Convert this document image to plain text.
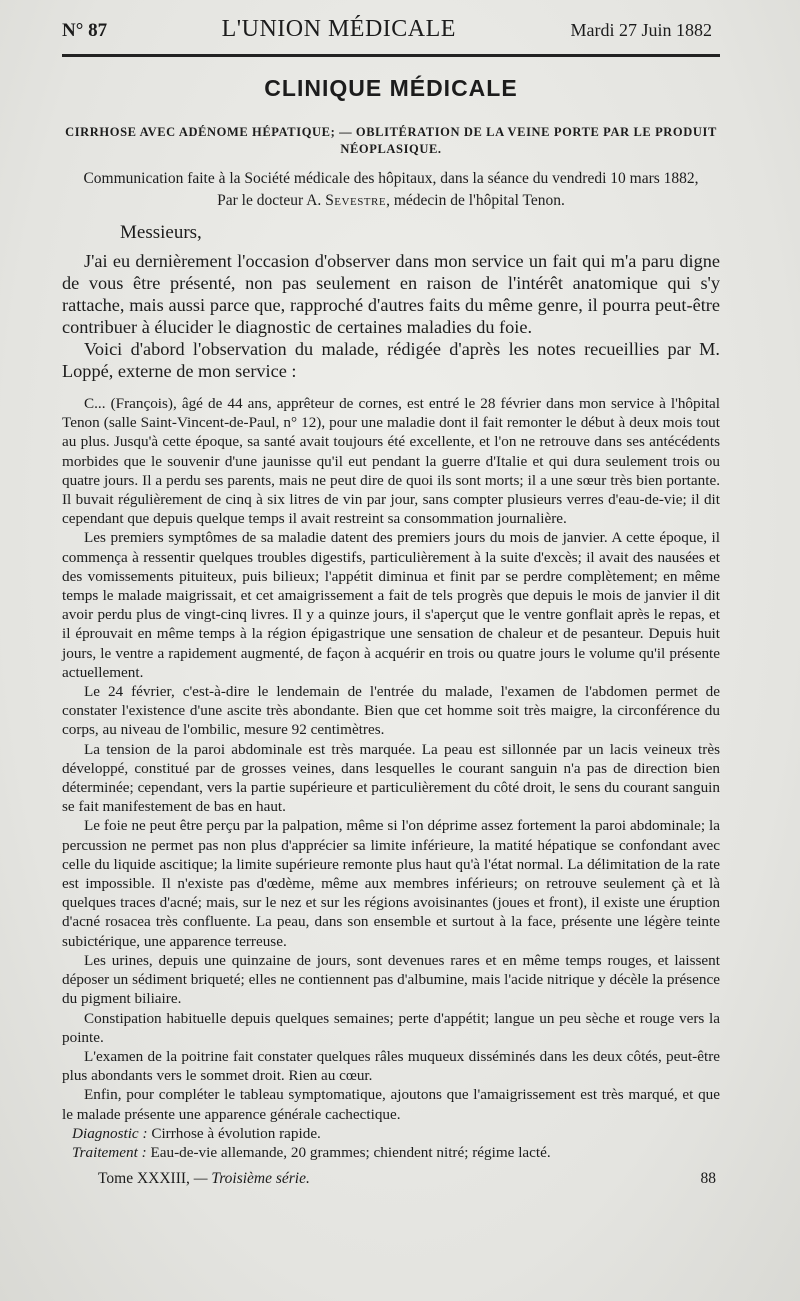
N° 87	L'UNION MÉDICALE	Mardi 27 Juin 1882
CLINIQUE MÉDICALE
CIRRHOSE AVEC ADÉNOME HÉPATIQUE; — OBLITÉRATION DE LA VEINE PORTE PAR LE PRODUIT NÉOPLASIQUE.
Communication faite à la Société médicale des hôpitaux, dans la séance du vendredi 10 mars 1882,
Par le docteur A. Sevestre, médecin de l'hôpital Tenon.
Messieurs,

J'ai eu dernièrement l'occasion d'observer dans mon service un fait qui m'a paru digne de vous être présenté, non pas seulement en raison de l'intérêt anatomique qui s'y rattache, mais aussi parce que, rapproché d'autres faits du même genre, il pourra peut-être contribuer à élucider le diagnostic de certaines maladies du foie.

Voici d'abord l'observation du malade, rédigée d'après les notes recueillies par M. Loppé, externe de mon service :

C... (François), âgé de 44 ans, apprêteur de cornes, est entré le 28 février dans mon service à l'hôpital Tenon (salle Saint-Vincent-de-Paul, n° 12), pour une maladie dont il fait remonter le début à deux mois tout au plus. Jusqu'à cette époque, sa santé avait toujours été excellente, et l'on ne retrouve dans ses antécédents morbides que le souvenir d'une jaunisse qu'il eut pendant la guerre d'Italie et qui dura seulement trois ou quatre jours. Il a perdu ses parents, mais ne peut dire de quoi ils sont morts; il a une sœur très bien portante. Il buvait régulièrement de cinq à six litres de vin par jour, sans compter plusieurs verres d'eau-de-vie; il dit cependant que depuis quelque temps il avait restreint sa consommation journalière.

Les premiers symptômes de sa maladie datent des premiers jours du mois de janvier. A cette époque, il commença à ressentir quelques troubles digestifs, particulièrement à la suite d'excès; il avait des nausées et des vomissements pituiteux, puis bilieux; l'appétit diminua et finit par se perdre complètement; en même temps le malade maigrissait, et cet amaigrissement a fait de tels progrès que depuis le mois de janvier il dit avoir perdu plus de vingt-cinq livres. Il y a quinze jours, il s'aperçut que le ventre gonflait après le repas, et il éprouvait en même temps à la région épigastrique une sensation de chaleur et de pesanteur. Depuis huit jours, le ventre a rapidement augmenté, de façon à acquérir en trois ou quatre jours le volume qu'il présente actuellement.

Le 24 février, c'est-à-dire le lendemain de l'entrée du malade, l'examen de l'abdomen permet de constater l'existence d'une ascite très abondante. Bien que cet homme soit très maigre, la circonférence du corps, au niveau de l'ombilic, mesure 92 centimètres.

La tension de la paroi abdominale est très marquée. La peau est sillonnée par un lacis veineux très développé, constitué par de grosses veines, dans lesquelles le courant sanguin n'a pas de direction bien déterminée; cependant, vers la partie supérieure et particulièrement du côté droit, le sens du courant sanguin se fait manifestement de bas en haut.

Le foie ne peut être perçu par la palpation, même si l'on déprime assez fortement la paroi abdominale; la percussion ne permet pas non plus d'apprécier sa limite inférieure, la matité hépatique se confondant avec celle du liquide ascitique; la limite supérieure remonte plus haut qu'à l'état normal. La délimitation de la rate est impossible. Il n'existe pas d'œdème, même aux membres inférieurs; on retrouve seulement çà et là quelques traces d'acné; mais, sur le nez et sur les régions avoisinantes (joues et front), il existe une éruption d'acné rosacea très confluente. La peau, dans son ensemble et surtout à la face, présente une légère teinte subictérique, une apparence terreuse.

Les urines, depuis une quinzaine de jours, sont devenues rares et en même temps rouges, et laissent déposer un sédiment briqueté; elles ne contiennent pas d'albumine, mais l'acide nitrique y décèle la présence du pigment biliaire.

Constipation habituelle depuis quelques semaines; perte d'appétit; langue un peu sèche et rouge vers la pointe.

L'examen de la poitrine fait constater quelques râles muqueux disséminés dans les deux côtés, peut-être plus abondants vers le sommet droit. Rien au cœur.

Enfin, pour compléter le tableau symptomatique, ajoutons que l'amaigrissement est très marqué, et que le malade présente une apparence générale cachectique.

Diagnostic : Cirrhose à évolution rapide.

Traitement : Eau-de-vie allemande, 20 grammes; chiendent nitré; régime lacté.

Tome XXXIII, — Troisième série.	88
